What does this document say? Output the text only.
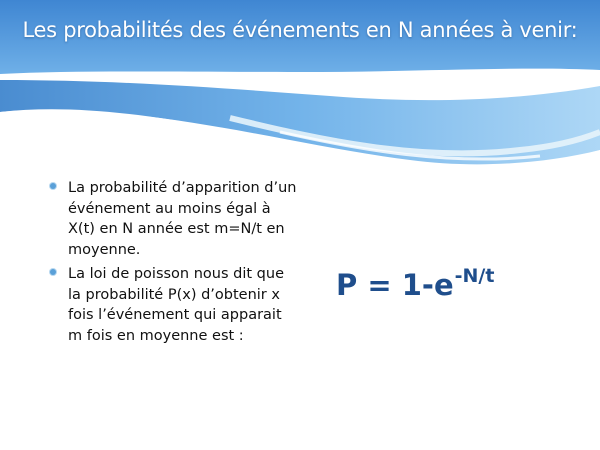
Les probabilités des événements en N années à venir:
La probabilité d’apparition d’un événement au moins égal à X(t) en N année est m=N/t en moyenne.
La loi de poisson nous dit que la probabilité P(x) d’obtenir x fois l’événement qui apparait m fois en moyenne est :
$P = 1-e^{-N/t}$
